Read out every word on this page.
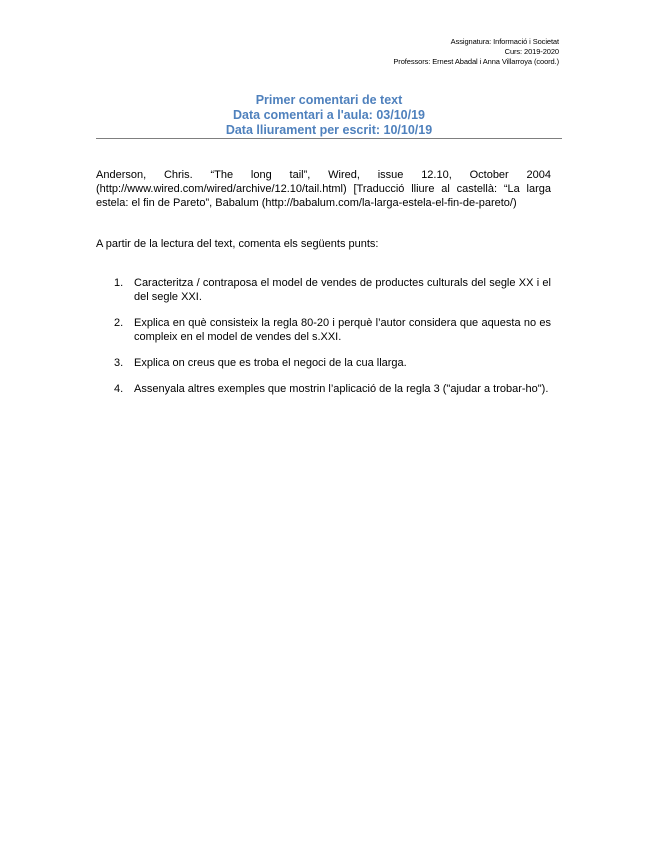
Assignatura: Informació i Societat
Curs: 2019-2020
Professors: Ernest Abadal i Anna Villarroya (coord.)
Primer comentari de text
Data comentari a l'aula: 03/10/19
Data lliurament per escrit: 10/10/19
Anderson, Chris. “The long tail”, Wired, issue 12.10, October 2004 (http://www.wired.com/wired/archive/12.10/tail.html) [Traducció lliure al castellà: “La larga estela: el fin de Pareto”, Babalum (http://babalum.com/la-larga-estela-el-fin-de-pareto/)
A partir de la lectura del text, comenta els següents punts:
1. Caracteritza / contraposa el model de vendes de productes culturals del segle XX i el del segle XXI.
2. Explica en què consisteix la regla 80-20 i perquè l’autor considera que aquesta no es compleix en el model de vendes del s.XXI.
3. Explica on creus que es troba el negoci de la cua llarga.
4. Assenyala altres exemples que mostrin l’aplicació de la regla 3 ("ajudar a trobar-ho").
